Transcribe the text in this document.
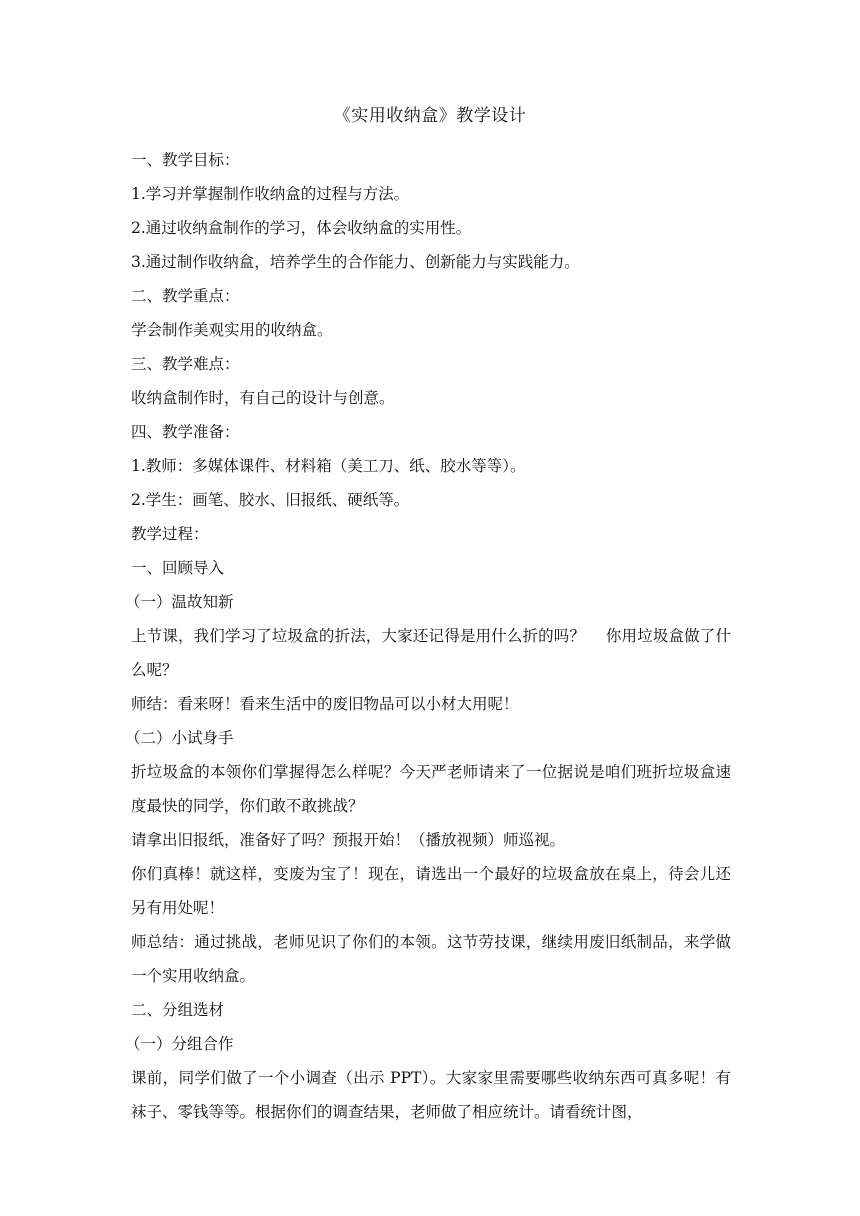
《实用收纳盒》教学设计

一、教学目标：

1.学习并掌握制作收纳盒的过程与方法。

2.通过收纳盒制作的学习，体会收纳盒的实用性。

3.通过制作收纳盒，培养学生的合作能力、创新能力与实践能力。

二、教学重点：

学会制作美观实用的收纳盒。

三、教学难点：

收纳盒制作时，有自己的设计与创意。

四、教学准备：

1.教师：多媒体课件、材料箱（美工刀、纸、胶水等等）。

2.学生：画笔、胶水、旧报纸、硬纸等。

教学过程：

一、回顾导入

（一）温故知新

上节课，我们学习了垃圾盒的折法，大家还记得是用什么折的吗？　 你用垃圾盒做了什么呢？

师结：看来呀！看来生活中的废旧物品可以小材大用呢！

（二）小试身手

折垃圾盒的本领你们掌握得怎么样呢？今天严老师请来了一位据说是咱们班折垃圾盒速度最快的同学，你们敢不敢挑战？

请拿出旧报纸，准备好了吗？预报开始！（播放视频）师巡视。

你们真棒！就这样，变废为宝了！现在，请选出一个最好的垃圾盒放在桌上，待会儿还另有用处呢！

师总结：通过挑战，老师见识了你们的本领。这节劳技课，继续用废旧纸制品，来学做一个实用收纳盒。

二、分组选材

（一）分组合作

课前，同学们做了一个小调查（出示 PPT）。大家家里需要哪些收纳东西可真多呢！有袜子、零钱等等。根据你们的调查结果，老师做了相应统计。请看统计图，
